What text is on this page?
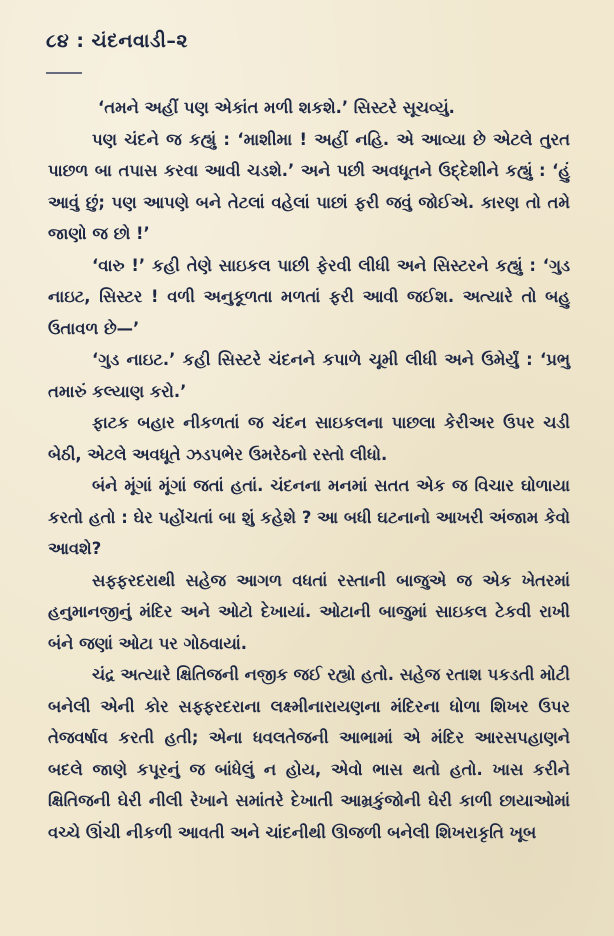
૮૪ : ચંદનવાડી–૨

‘તમને અહીં પણ એકાંત મળી શકશે.’ સિસ્ટરે સૂચવ્યું.

પણ ચંદને જ કહ્યું : ‘માશીમા ! અહીં નહિ. એ આવ્યા છે એટલે તુરત પાછળ બા તપાસ કરવા આવી ચડશે.’ અને પછી અવધૂતને ઉદ્દેશીને કહ્યું : ‘હું આવું છું; પણ આપણે બને તેટલાં વહેલાં પાછાં ફરી જવું જોઈએ. કારણ તો તમે જાણો જ છો !’

‘વારુ !’ કહી તેણે સાઇકલ પાછી ફેરવી લીધી અને સિસ્ટરને કહ્યું : ‘ગુડ નાઇટ, સિસ્ટર ! વળી અનુકૂળતા મળતાં ફરી આવી જઈશ. અત્યારે તો બહુ ઉતાવળ છે—’

‘ગુડ નાઇટ.’ કહી સિસ્ટરે ચંદનને કપાળે ચૂમી લીધી અને ઉમેર્યું : ‘પ્રભુ તમારું કલ્યાણ કરો.’

ફાટક બહાર નીકળતાં જ ચંદન સાઇકલના પાછલા કેરીઅર ઉપર ચડી બેઠી, એટલે અવધૂતે ઝડપભેર ઉમરેઠનો રસ્તો લીધો.

બંને મૂંગાં મૂંગાં જતાં હતાં. ચંદનના મનમાં સતત એક જ વિચાર ઘોળાયા કરતો હતો : ઘેર પહોંચતાં બા શું કહેશે ? આ બધી ઘટનાનો આખરી અંજામ કેવો આવશે?

સફ્ફરદરાથી સહેજ આગળ વધતાં રસ્તાની બાજુએ જ એક ખેતરમાં હનુમાનજીનું મંદિર અને ઓટો દેખાયાં. ઓટાની બાજુમાં સાઇકલ ટેકવી રાખી બંને જણાં ઓટા પર ગોઠવાયાં.

ચંદ્ર અત્યારે ક્ષિતિજની નજીક જઈ રહ્યો હતો. સહેજ રતાશ પકડતી મોટી બનેલી એની કોર સફ્ફરદરાના લક્ષ્મીનારાયણના મંદિરના ધોળા શિખર ઉપર તેજવર્ષાવ કરતી હતી; એના ધવલતેજની આભામાં એ મંદિર આરસપહાણને બદલે જાણે કપૂરનું જ બાંધેલું ન હોય, એવો ભાસ થતો હતો. ખાસ કરીને ક્ષિતિજની ઘેરી નીલી રેખાને સમાંતરે દેખાતી આમ્રકુંજોની ઘેરી કાળી છાયાઓમાં વચ્ચે ઊંચી નીકળી આવતી અને ચાંદનીથી ઊજળી બનેલી શિખરાકૃતિ ખૂબ
